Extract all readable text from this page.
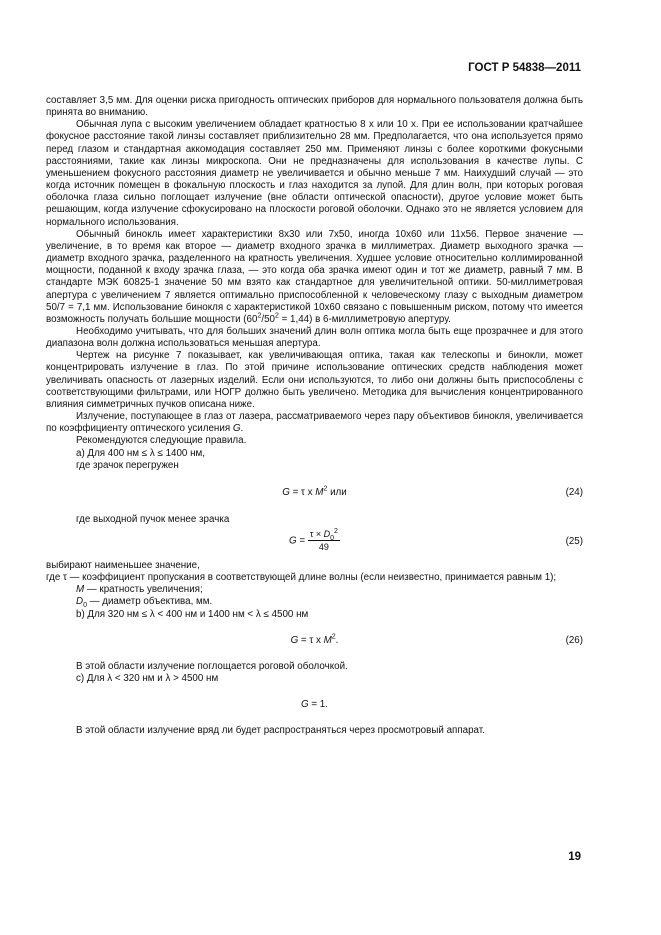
ГОСТ Р 54838—2011

составляет 3,5 мм. Для оценки риска пригодность оптических приборов для нормального пользователя должна быть принята во вниманию.

Обычная лупа с высоким увеличением обладает кратностью 8 х или 10 х. При ее использовании кратчайшее фокусное расстояние такой линзы составляет приблизительно 28 мм. Предполагается, что она используется прямо перед глазом и стандартная аккомодация составляет 250 мм. Применяют линзы с более короткими фокусными расстояниями, такие как линзы микроскопа. Они не предназначены для использования в качестве лупы. С уменьшением фокусного расстояния диаметр не увеличивается и обычно меньше 7 мм. Наихудший случай — это когда источник помещен в фокальную плоскость и глаз находится за лупой. Для длин волн, при которых роговая оболочка глаза сильно поглощает излучение (вне области оптической опасности), другое условие может быть решающим, когда излучение сфокусировано на плоскости роговой оболочки. Однако это не является условием для нормального использования.

Обычный бинокль имеет характеристики 8x30 или 7x50, иногда 10x60 или 11x56. Первое значение — увеличение, в то время как второе — диаметр входного зрачка в миллиметрах. Диаметр выходного зрачка — диаметр входного зрачка, разделенного на кратность увеличения. Худшее условие относительно коллимированной мощности, поданной к входу зрачка глаза, — это когда оба зрачка имеют один и тот же диаметр, равный 7 мм. В стандарте МЭК 60825-1 значение 50 мм взято как стандартное для увеличительной оптики. 50-миллиметровая апертура с увеличением 7 является оптимально приспособленной к человеческому глазу с выходным диаметром 50/7 = 7,1 мм. Использование бинокля с характеристикой 10x60 связано с повышенным риском, потому что имеется возможность получать большие мощности $(60^2/50^2 = 1,44)$ в 6-миллиметровую апертуру.

Необходимо учитывать, что для больших значений длин волн оптика могла быть еще прозрачнее и для этого диапазона волн должна использоваться меньшая апертура.

Чертеж на рисунке 7 показывает, как увеличивающая оптика, такая как телескопы и бинокли, может концентрировать излучение в глаз. По этой причине использование оптических средств наблюдения может увеличивать опасность от лазерных изделий. Если они используются, то либо они должны быть приспособлены с соответствующими фильтрами, или НОГР должно быть увеличено. Методика для вычисления концентрированного влияния симметричных пучков описана ниже.

Излучение, поступающее в глаз от лазера, рассматриваемого через пару объективов бинокля, увеличивается по коэффициенту оптического усиления G.

Рекомендуются следующие правила.

а) Для 400 нм ≤ λ ≤ 1400 нм,

где зрачок перегружен

G = τ x $M^2$ или	(24)

где выходной пучок менее зрачка

$G = \frac{\tau \times D_0^2}{49}$	(25)

выбирают наименьшее значение,

где τ — коэффициент пропускания в соответствующей длине волны (если неизвестно, принимается равным 1);

M — кратность увеличения;

$D_0$ — диаметр объектива, мм.

b) Для 320 нм ≤ λ < 400 нм и 1400 нм < λ ≤ 4500 нм

G = τ x $M^2$.	(26)

В этой области излучение поглощается роговой оболочкой.

с) Для λ < 320 нм и λ > 4500 нм

G = 1.

В этой области излучение вряд ли будет распространяться через просмотровый аппарат.

19
